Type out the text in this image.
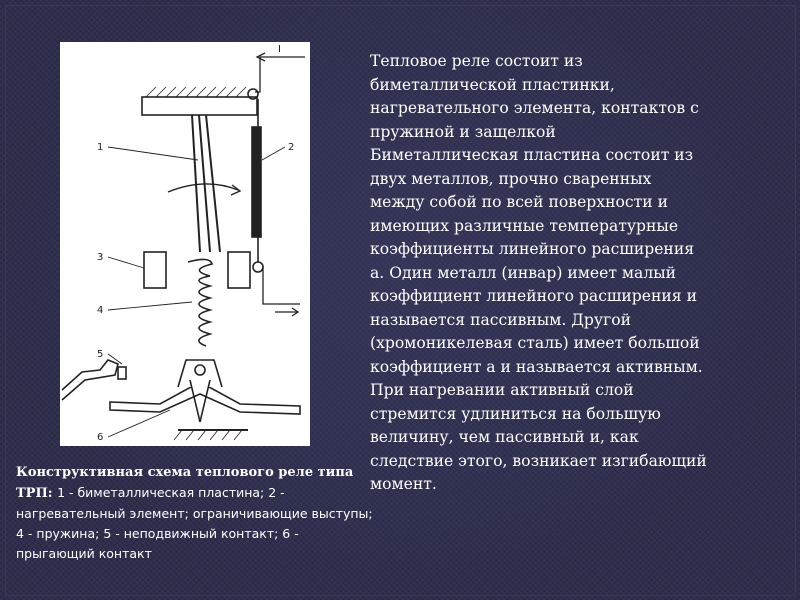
I
1	2
3
4
5
6
Конструктивная схема теплового реле типа ТРП: 1 - биметаллическая пластина; 2 - нагревательный элемент; ограничивающие выступы; 4 - пружина; 5 - неподвижный контакт; 6 - прыгающий контакт
Тепловое реле состоит из
биметаллической пластинки,
нагревательного элемента, контактов с
пружиной и защелкой
Биметаллическая пластина состоит из
двух металлов, прочно сваренных
между собой по всей поверхности и
имеющих различные температурные
коэффициенты линейного расширения
a. Один металл (инвар) имеет малый
коэффициент линейного расширения и
называется пассивным. Другой
(хромоникелевая сталь) имеет большой
коэффициент a и называется активным.
При нагревании активный слой
стремится удлиниться на большую
величину, чем пассивный и, как
следствие этого, возникает изгибающий
момент.
